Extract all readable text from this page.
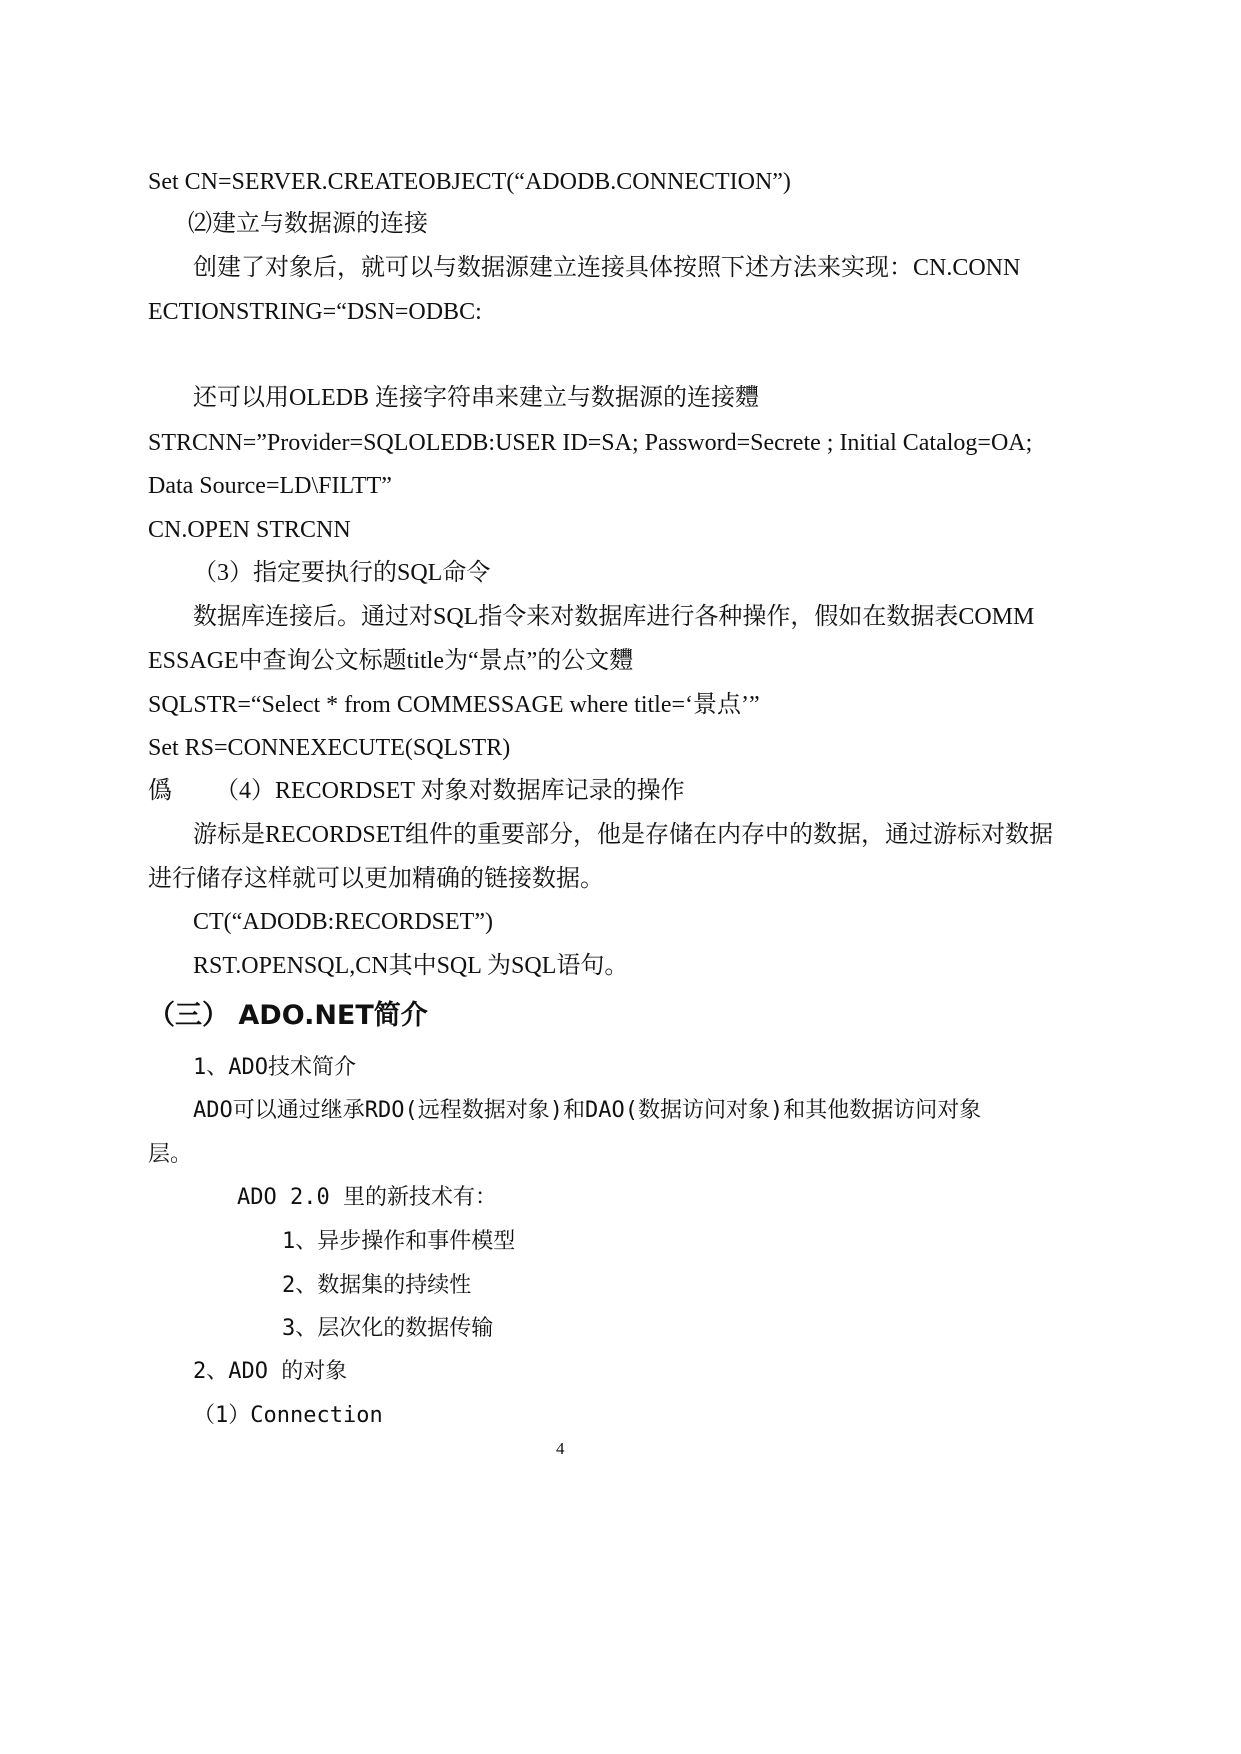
Set CN=SERVER.CREATEOBJECT(“ADODB.CONNECTION”)
⑵建立与数据源的连接
创建了对象后，就可以与数据源建立连接具体按照下述方法来实现：CN.CONN
ECTIONSTRING=“DSN=ODBC:
还可以用OLEDB 连接字符串来建立与数据源的连接麷
STRCNN=”Provider=SQLOLEDB:USER ID=SA; Password=Secrete ; Initial Catalog=OA;
Data Source=LD\FILTT”
CN.OPEN STRCNN
（3）指定要执行的SQL命令
数据库连接后。通过对SQL指令来对数据库进行各种操作，假如在数据表COMM
ESSAGE中查询公文标题title为“景点”的公文麷
SQLSTR=“Select * from COMMESSAGE where title=‘景点’”
Set RS=CONNEXECUTE(SQLSTR)
僞 （4）RECORDSET 对象对数据库记录的操作
游标是RECORDSET组件的重要部分，他是存储在内存中的数据，通过游标对数据
进行储存这样就可以更加精确的链接数据。
CT(“ADODB:RECORDSET”)
RST.OPENSQL,CN其中SQL 为SQL语句。
（三） ADO.NET简介
1、ADO技术简介
ADO可以通过继承RDO(远程数据对象)和DAO(数据访问对象)和其他数据访问对象
层。
ADO 2.0 里的新技术有：
1、异步操作和事件模型
2、数据集的持续性
3、层次化的数据传输
2、ADO 的对象
（1）Connection
4
